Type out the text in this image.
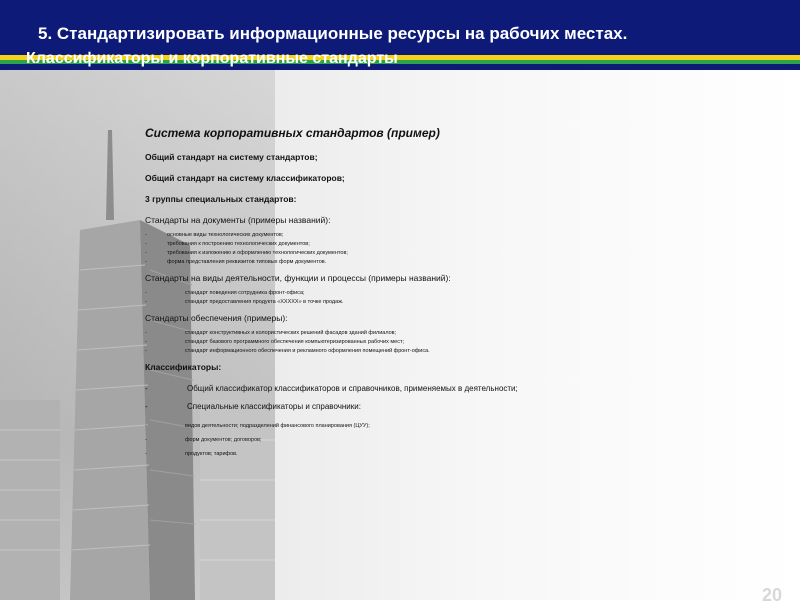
5. Стандартизировать информационные ресурсы на рабочих местах.
Классификаторы и корпоративные стандарты
Система корпоративных стандартов (пример)
Общий стандарт на систему стандартов;
Общий стандарт на систему классификаторов;
3 группы специальных стандартов:
Стандарты на документы (примеры названий):
-	основные виды технологических документов;
-	требования к построению технологических документов;
-	требования к изложению и оформлению технологических документов;
-	форма представления реквизитов типовых форм документов.
Стандарты на виды деятельности, функции и процессы (примеры названий):
-	стандарт поведения сотрудника фронт-офиса;
-	стандарт предоставления продукта «ХХХХХ» в точке продаж.
Стандарты обеспечения (примеры):
-	стандарт конструктивных и колористических решений фасадов зданий филиалов;
-	стандарт базового программного обеспечения компьютеризированных рабочих мест;
-	стандарт информационного обеспечения и рекламного оформления помещений фронт-офиса.
Классификаторы:
-	Общий классификатор классификаторов и справочников, применяемых в деятельности;
-	Специальные классификаторы и справочники:
-	видов деятельности; подразделений финансового планирования (ЦУУ);
-	форм документов; договоров;
-	продуктов; тарифов.
20
